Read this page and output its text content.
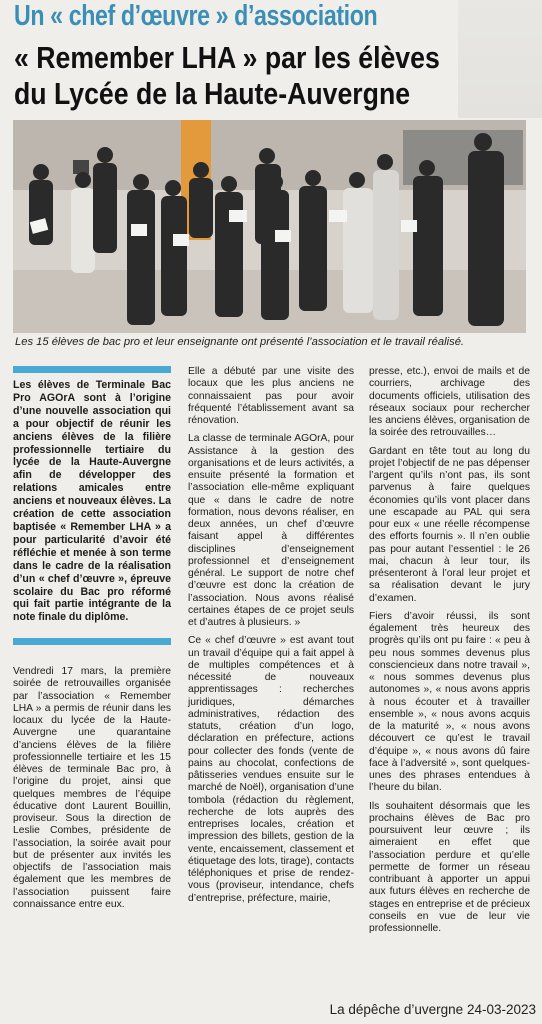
Un « chef d’œuvre » d’association
« Remember LHA » par les élèves
du Lycée de la Haute-Auvergne
Les 15 élèves de bac pro et leur enseignante ont présenté l’association et le travail réalisé.

Les élèves de Terminale Bac Pro AGOrA sont à l’origine d’une nouvelle association qui a pour objectif de réunir les anciens élèves de la filière professionnelle tertiaire du lycée de la Haute-Auvergne afin de développer des relations amicales entre anciens et nouveaux élèves. La création de cette association baptisée « Remember LHA » a pour particularité d’avoir été réfléchie et menée à son terme dans le cadre de la réalisation d’un « chef d’œuvre », épreuve scolaire du Bac pro réformé qui fait partie intégrante de la note finale du diplôme.

Vendredi 17 mars, la première soirée de retrouvailles organisée par l’association « Remember LHA » a permis de réunir dans les locaux du lycée de la Haute-Auvergne une quarantaine d’anciens élèves de la filière professionnelle tertiaire et les 15 élèves de terminale Bac pro, à l’origine du projet, ainsi que quelques membres de l’équipe éducative dont Laurent Bouillin, proviseur. Sous la direction de Leslie Combes, présidente de l’association, la soirée avait pour but de présenter aux invités les objectifs de l’association mais également que les membres de l’association puissent faire connaissance entre eux.

Elle a débuté par une visite des locaux que les plus anciens ne connaissaient pas pour avoir fréquenté l’établissement avant sa rénovation.

La classe de terminale AGOrA, pour Assistance à la gestion des organisations et de leurs activités, a ensuite présenté la formation et l’association elle-même expliquant que « dans le cadre de notre formation, nous devons réaliser, en deux années, un chef d’œuvre faisant appel à différentes disciplines d’enseignement professionnel et d’enseignement général. Le support de notre chef d’œuvre est donc la création de l’association. Nous avons réalisé certaines étapes de ce projet seuls et d’autres à plusieurs. »

Ce « chef d’œuvre » est avant tout un travail d’équipe qui a fait appel à de multiples compétences et à nécessité de nouveaux apprentissages : recherches juridiques, démarches administratives, rédaction des statuts, création d’un logo, déclaration en préfecture, actions pour collecter des fonds (vente de pains au chocolat, confections de pâtisseries vendues ensuite sur le marché de Noël), organisation d’une tombola (rédaction du règlement, recherche de lots auprès des entreprises locales, création et impression des billets, gestion de la vente, encaissement, classement et étiquetage des lots, tirage), contacts téléphoniques et prise de rendez-vous (proviseur, intendance, chefs d’entreprise, préfecture, mairie,

presse, etc.), envoi de mails et de courriers, archivage des documents officiels, utilisation des réseaux sociaux pour rechercher les anciens élèves, organisation de la soirée des retrouvailles…

Gardant en tête tout au long du projet l’objectif de ne pas dépenser l’argent qu’ils n’ont pas, ils sont parvenus à faire quelques économies qu’ils vont placer dans une escapade au PAL qui sera pour eux « une réelle récompense des efforts fournis ». Il n’en oublie pas pour autant l’essentiel : le 26 mai, chacun à leur tour, ils présenteront à l’oral leur projet et sa réalisation devant le jury d’examen.

Fiers d’avoir réussi, ils sont également très heureux des progrès qu’ils ont pu faire : « peu à peu nous sommes devenus plus consciencieux dans notre travail », « nous sommes devenus plus autonomes », « nous avons appris à nous écouter et à travailler ensemble », « nous avons acquis de la maturité », « nous avons découvert ce qu’est le travail d’équipe », « nous avons dû faire face à l’adversité », sont quelques-unes des phrases entendues à l’heure du bilan.

Ils souhaitent désormais que les prochains élèves de Bac pro poursuivent leur œuvre ; ils aimeraient en effet que l’association perdure et qu’elle permette de former un réseau contribuant à apporter un appui aux futurs élèves en recherche de stages en entreprise et de précieux conseils en vue de leur vie professionnelle.

La dépêche d’uvergne 24-03-2023
